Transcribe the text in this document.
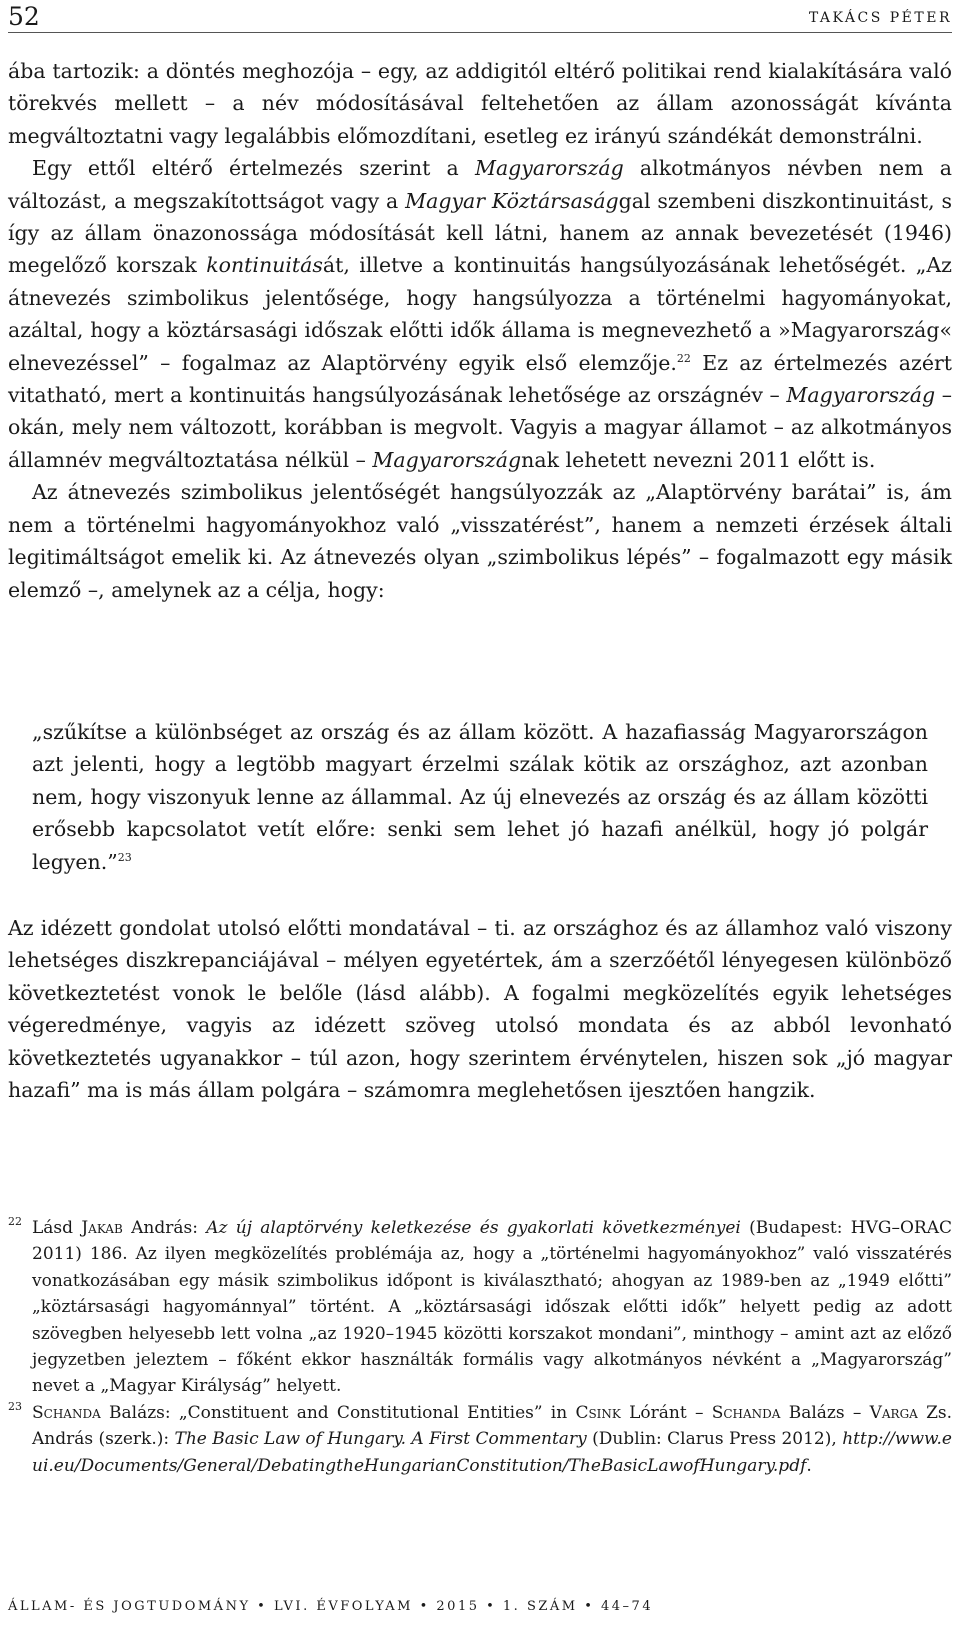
52	TAKÁCS PÉTER

ába tartozik: a döntés meghozója – egy, az addigitól eltérő politikai rend kialakítására való törekvés mellett – a név módosításával feltehetően az állam azonosságát kívánta megváltoztatni vagy legalábbis előmozdítani, esetleg ez irányú szándékát demonstrálni.

Egy ettől eltérő értelmezés szerint a Magyarország alkotmányos névben nem a változást, a megszakítottságot vagy a Magyar Köztársasággal szembeni diszkontinuitást, s így az állam önazonossága módosítását kell látni, hanem az annak bevezetését (1946) megelőző korszak kontinuitását, illetve a kontinuitás hangsúlyozásának lehetőségét. „Az átnevezés szimbolikus jelentősége, hogy hangsúlyozza a történelmi hagyományokat, azáltal, hogy a köztársasági időszak előtti idők állama is megnevezhető a »Magyarország« elnevezéssel” – fogalmaz az Alaptörvény egyik első elemzője.$^{22}$ Ez az értelmezés azért vitatható, mert a kontinuitás hangsúlyozásának lehetősége az országnév – Magyarország – okán, mely nem változott, korábban is megvolt. Vagyis a magyar államot – az alkotmányos államnév megváltoztatása nélkül – Magyarországnak lehetett nevezni 2011 előtt is.

Az átnevezés szimbolikus jelentőségét hangsúlyozzák az „Alaptörvény barátai” is, ám nem a történelmi hagyományokhoz való „visszatérést”, hanem a nemzeti érzések általi legitimáltságot emelik ki. Az átnevezés olyan „szimbolikus lépés” – fogalmazott egy másik elemző –, amelynek az a célja, hogy:

„szűkítse a különbséget az ország és az állam között. A hazafiasság Magyarországon azt jelenti, hogy a legtöbb magyart érzelmi szálak kötik az országhoz, azt azonban nem, hogy viszonyuk lenne az állammal. Az új elnevezés az ország és az állam közötti erősebb kapcsolatot vetít előre: senki sem lehet jó hazafi anélkül, hogy jó polgár legyen.”$^{23}$

Az idézett gondolat utolsó előtti mondatával – ti. az országhoz és az államhoz való viszony lehetséges diszkrepanciájával – mélyen egyetértek, ám a szerzőétől lényegesen különböző következtetést vonok le belőle (lásd alább). A fogalmi megközelítés egyik lehetséges végeredménye, vagyis az idézett szöveg utolsó mondata és az abból levonható következtetés ugyanakkor – túl azon, hogy szerintem érvénytelen, hiszen sok „jó magyar hazafi” ma is más állam polgára – számomra meglehetősen ijesztően hangzik.

22 Lásd Jakab András: Az új alaptörvény keletkezése és gyakorlati következményei (Budapest: HVG–ORAC 2011) 186. Az ilyen megközelítés problémája az, hogy a „történelmi hagyományokhoz” való visszatérés vonatkozásában egy másik szimbolikus időpont is kiválasztható; ahogyan az 1989-ben az „1949 előtti” „köztársasági hagyománnyal” történt. A „köztársasági időszak előtti idők” helyett pedig az adott szövegben helyesebb lett volna „az 1920–1945 közötti korszakot mondani”, minthogy – amint azt az előző jegyzetben jeleztem – főként ekkor használták formális vagy alkotmányos névként a „Magyarország” nevet a „Magyar Királyság” helyett.
23 Schanda Balázs: „Constituent and Constitutional Entities” in Csink Lóránt – Schanda Balázs – Varga Zs. András (szerk.): The Basic Law of Hungary. A First Commentary (Dublin: Clarus Press 2012), http://www.eui.eu/Documents/General/DebatingtheHungarianConstitution/TheBasicLawofHungary.pdf.
ÁLLAM- ÉS JOGTUDOMÁNY • LVI. ÉVFOLYAM • 2015 • 1. SZÁM • 44–74
